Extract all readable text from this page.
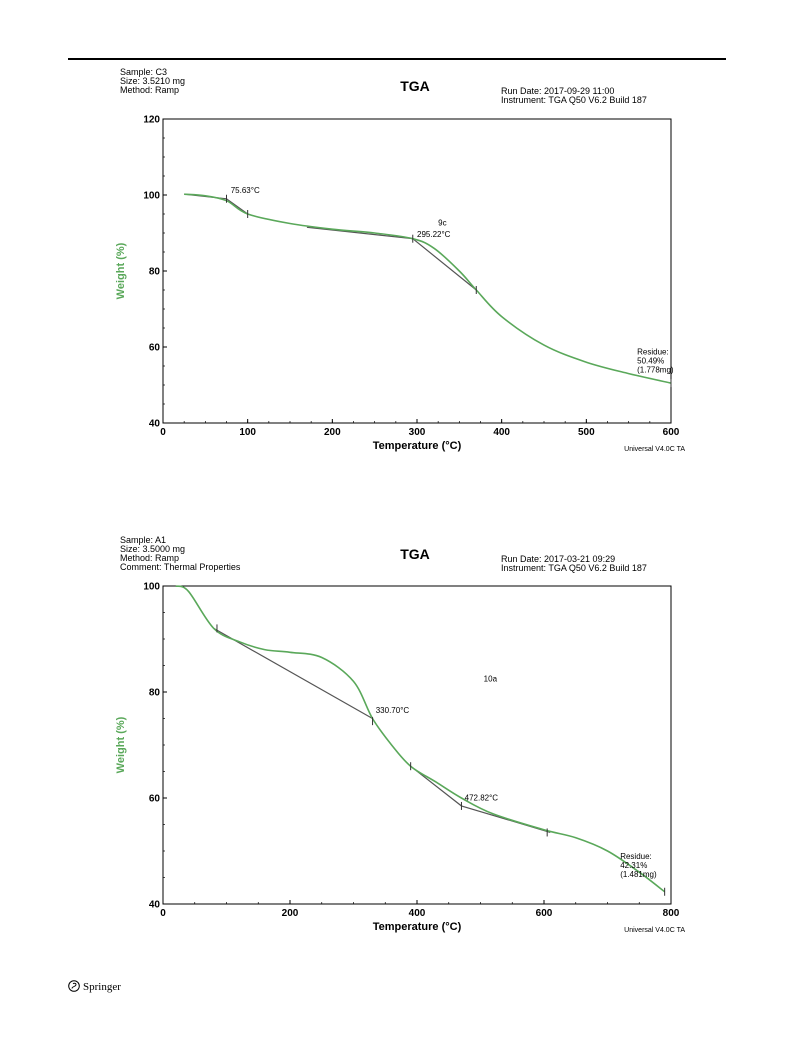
Sample: C3
Size: 3.5210 mg
Method: Ramp	Run Date: 2017-09-29 11:00
Instrument: TGA Q50 V6.2 Build 187
TGA
0	100	200	300	400	500	600
40
60
80
100
120
Temperature (°C)
Weight (%)
Universal V4.0C TA
75.63°C
295.22°C
9c
Residue:
50.49%
(1.778mg)
Sample: A1
Size: 3.5000 mg
Method: Ramp
Comment: Thermal Properties
Run Date: 2017-03-21 09:29
Instrument: TGA Q50 V6.2 Build 187
TGA
0	200	400	600	800
40
60
80
100
Temperature (°C)
Weight (%)
Universal V4.0C TA
330.70°C
472.82°C
10a
Residue:
42.31%
(1.481mg)
Springer
